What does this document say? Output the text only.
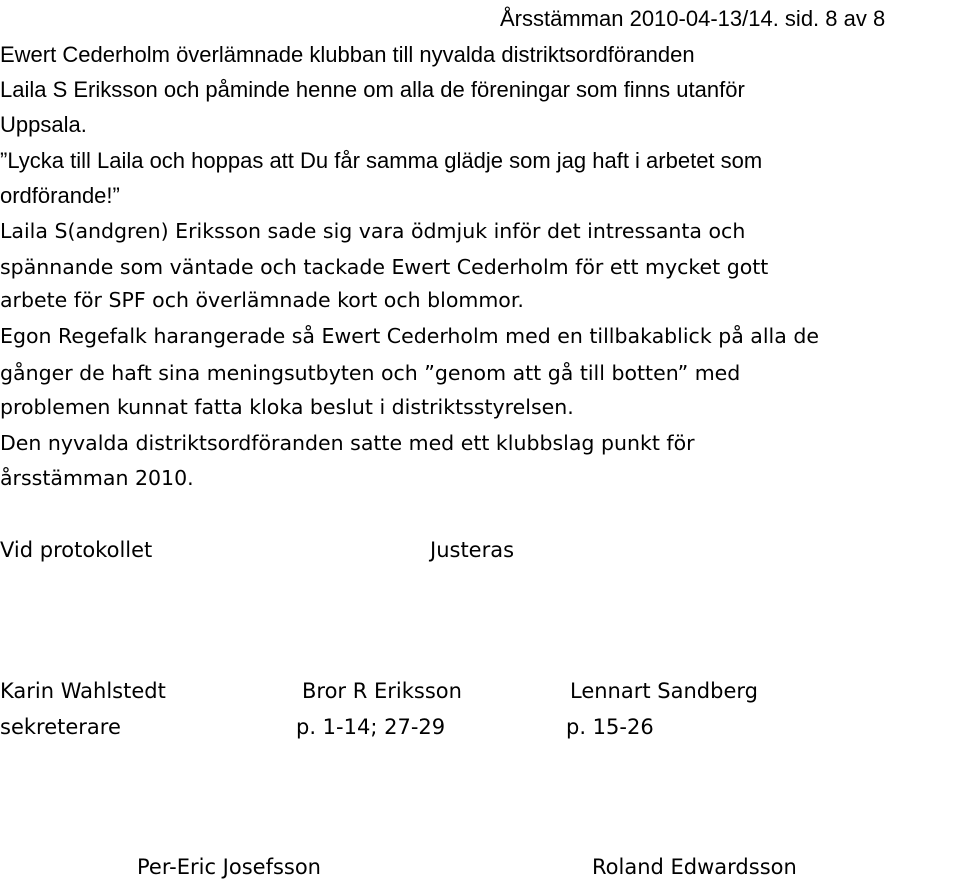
Årsstämman 2010-04-13/14. sid. 8 av 8

Ewert Cederholm överlämnade klubban till nyvalda distriktsordföranden

Laila S Eriksson och påminde henne om alla de föreningar som finns utanför

Uppsala.

”Lycka till Laila och hoppas att Du får samma glädje som jag haft i arbetet som

ordförande!”

Laila S(andgren) Eriksson sade sig vara ödmjuk inför det intressanta och

spännande som väntade och tackade Ewert Cederholm för ett mycket gott

arbete för SPF och överlämnade kort och blommor.

Egon Regefalk harangerade så Ewert Cederholm med en tillbakablick på alla de

gånger de haft sina meningsutbyten och ”genom att gå till botten” med

problemen kunnat fatta kloka beslut i distriktsstyrelsen.

Den nyvalda distriktsordföranden satte med ett klubbslag punkt för

årsstämman 2010.

Vid protokollet	Justeras

Karin Wahlstedt	Bror R Eriksson	Lennart Sandberg

sekreterare	p. 1-14; 27-29	p. 15-26

Per-Eric Josefsson	Roland Edwardsson
